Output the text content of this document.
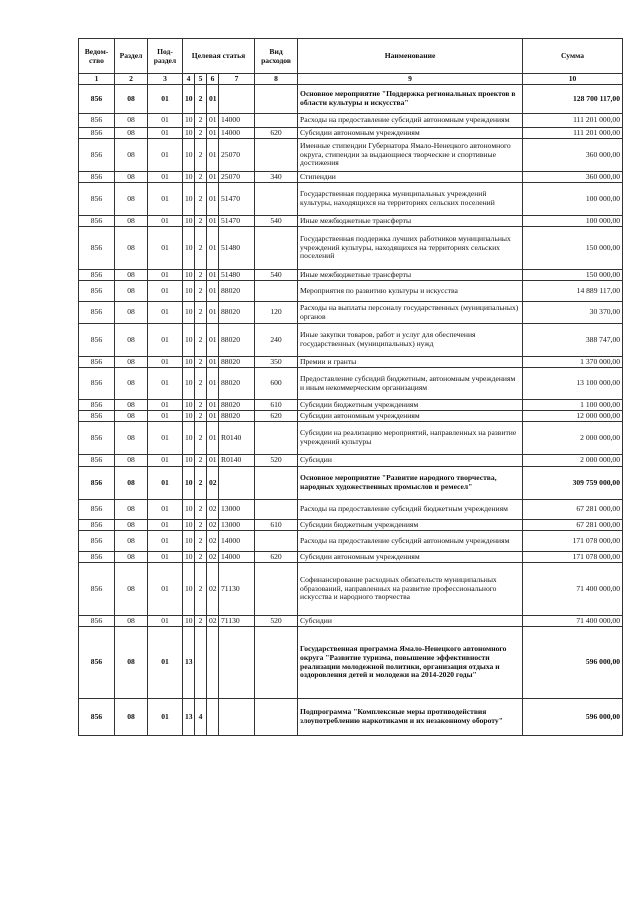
Ведом-ство	Раздел	Под-раздел	Целевая статья				Вид расходов	Наименование	Сумма
1	2	3	4	5	6	7	8	9	10
856	08	01	10	2	01			Основное мероприятие "Поддержка региональных проектов в области культуры и искусства"	128 700 117,00
856	08	01	10	2	01	14000		Расходы на предоставление субсидий автономным учреждениям	111 201 000,00
856	08	01	10	2	01	14000	620	Субсидии автономным учреждениям	111 201 000,00
856	08	01	10	2	01	25070		Именные стипендии Губернатора Ямало-Ненецкого автономного округа, стипендии за выдающиеся творческие и спортивные достижения	360 000,00
856	08	01	10	2	01	25070	340	Стипендии	360 000,00
856	08	01	10	2	01	51470		Государственная поддержка муниципальных учреждений культуры, находящихся на территориях сельских поселений	100 000,00
856	08	01	10	2	01	51470	540	Иные межбюджетные трансферты	100 000,00
856	08	01	10	2	01	51480		Государственная поддержка лучших работников муниципальных учреждений культуры, находящихся на территориях сельских поселений	150 000,00
856	08	01	10	2	01	51480	540	Иные межбюджетные трансферты	150 000,00
856	08	01	10	2	01	88020		Мероприятия по развитию культуры и искусства	14 889 117,00
856	08	01	10	2	01	88020	120	Расходы на выплаты персоналу государственных (муниципальных) органов	30 370,00
856	08	01	10	2	01	88020	240	Иные закупки товаров, работ и услуг для обеспечения государственных (муниципальных) нужд	388 747,00
856	08	01	10	2	01	88020	350	Премии и гранты	1 370 000,00
856	08	01	10	2	01	88020	600	Предоставление субсидий бюджетным, автономным учреждениям и иным некоммерческим организациям	13 100 000,00
856	08	01	10	2	01	88020	610	Субсидии бюджетным учреждениям	1 100 000,00
856	08	01	10	2	01	88020	620	Субсидии автономным учреждениям	12 000 000,00
856	08	01	10	2	01	R0140		Субсидии на реализацию мероприятий, направленных на развитие учреждений культуры	2 000 000,00
856	08	01	10	2	01	R0140	520	Субсидии	2 000 000,00
856	08	01	10	2	02			Основное мероприятие "Развитие народного творчества, народных художественных промыслов и ремесел"	309 759 000,00
856	08	01	10	2	02	13000		Расходы на предоставление субсидий бюджетным учреждениям	67 281 000,00
856	08	01	10	2	02	13000	610	Субсидии бюджетным учреждениям	67 281 000,00
856	08	01	10	2	02	14000		Расходы на предоставление субсидий автономным учреждениям	171 078 000,00
856	08	01	10	2	02	14000	620	Субсидии автономным учреждениям	171 078 000,00
856	08	01	10	2	02	71130		Софинансирование расходных обязательств муниципальных образований, направленных на развитие профессионального искусства и народного творчества	71 400 000,00
856	08	01	10	2	02	71130	520	Субсидии	71 400 000,00
856	08	01	13					Государственная программа Ямало-Ненецкого автономного округа "Развитие туризма, повышение эффективности реализации молодежной политики, организация отдыха и оздоровления детей и молодежи на 2014-2020 годы"	596 000,00
856	08	01	13	4				Подпрограмма "Комплексные меры противодействия злоупотреблению наркотиками и их незаконному обороту"	596 000,00
